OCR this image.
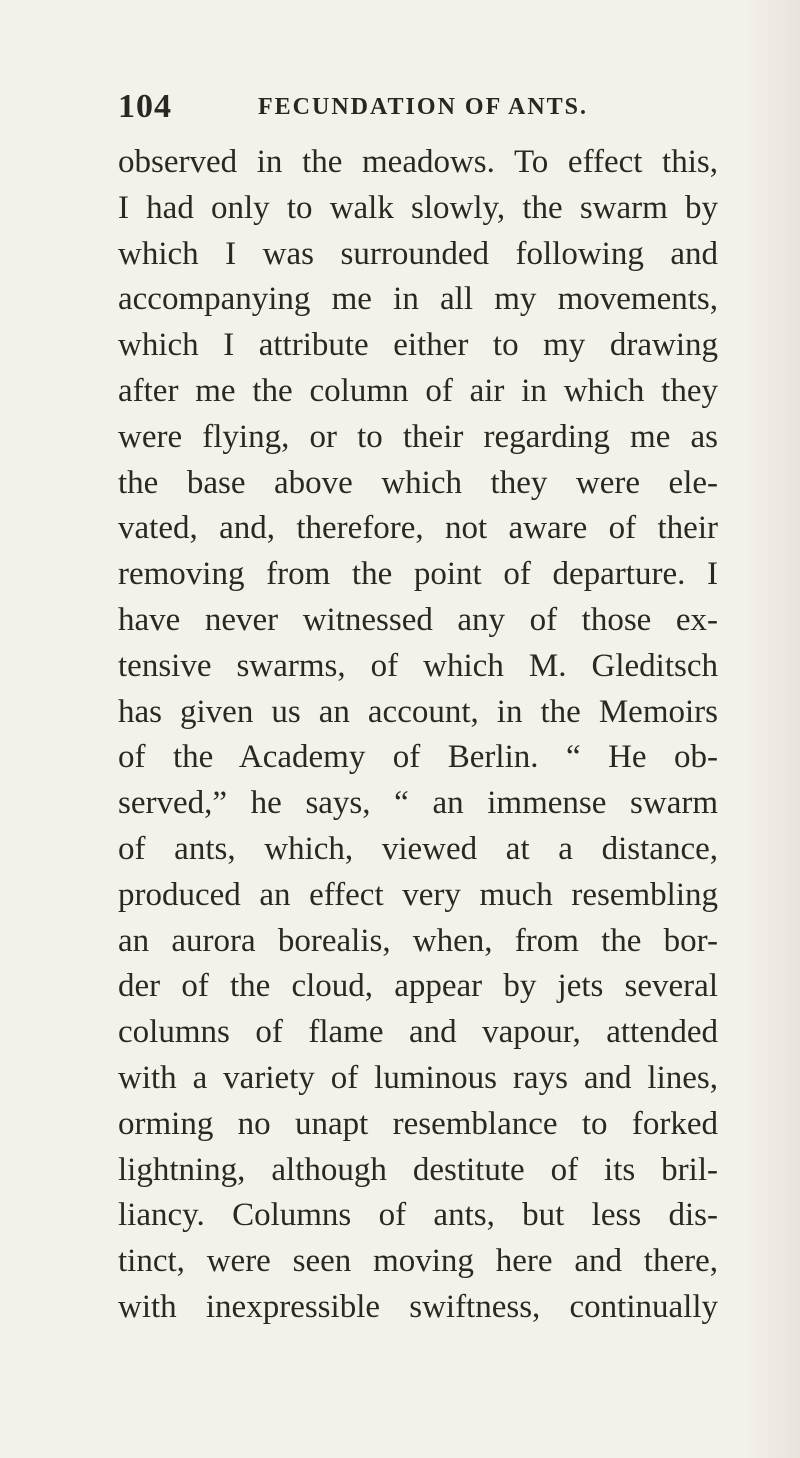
104	FECUNDATION OF ANTS.
observed in the meadows. To effect this,
I had only to walk slowly, the swarm by
which I was surrounded following and
accompanying me in all my movements,
which I attribute either to my drawing
after me the column of air in which they
were flying, or to their regarding me as
the base above which they were ele-
vated, and, therefore, not aware of their
removing from the point of departure. I
have never witnessed any of those ex-
tensive swarms, of which M. Gleditsch
has given us an account, in the Memoirs
of the Academy of Berlin. “ He ob-
served,” he says, “ an immense swarm
of ants, which, viewed at a distance,
produced an effect very much resembling
an aurora borealis, when, from the bor-
der of the cloud, appear by jets several
columns of flame and vapour, attended
with a variety of luminous rays and lines,
orming no unapt resemblance to forked
lightning, although destitute of its bril-
liancy. Columns of ants, but less dis-
tinct, were seen moving here and there,
with inexpressible swiftness, continually
